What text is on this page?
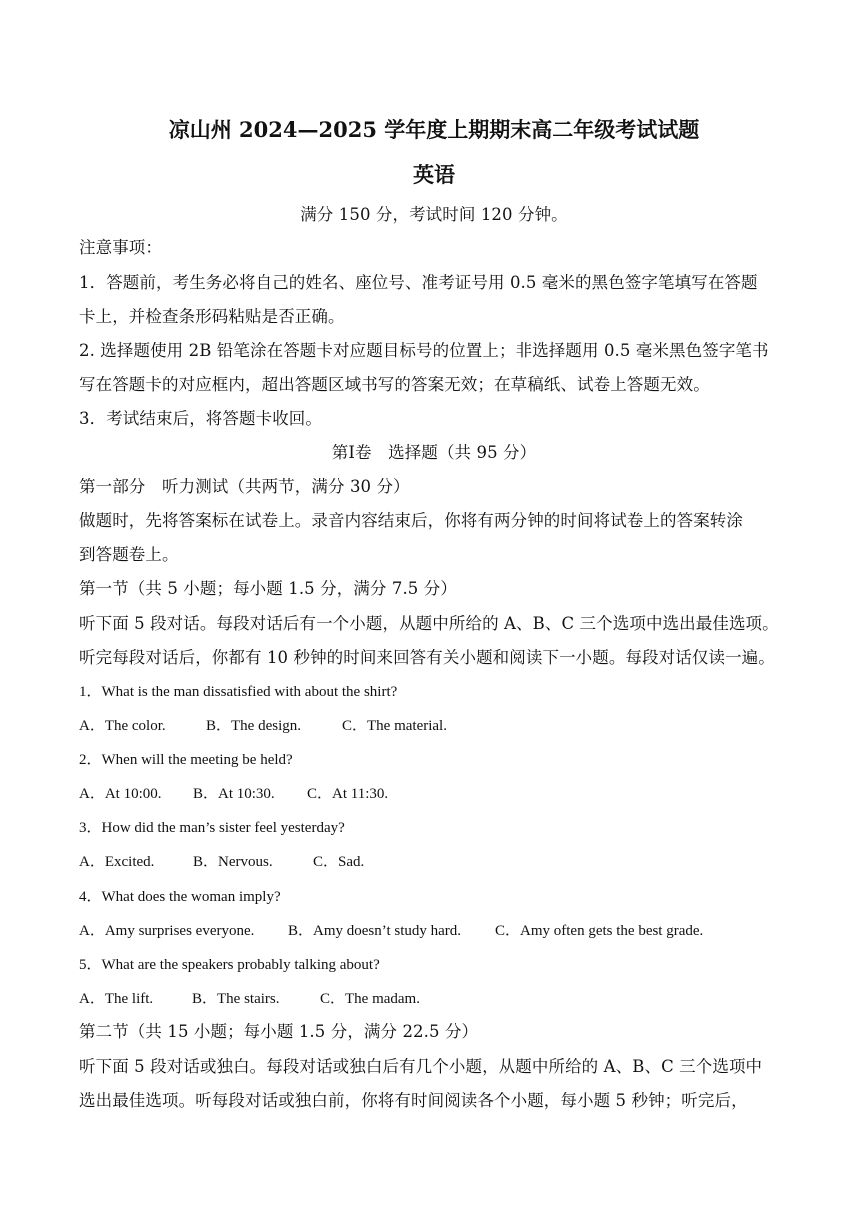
凉山州 2024—2025 学年度上期期末高二年级考试试题
英语
满分 150 分，考试时间 120 分钟。
注意事项：
1．答题前，考生务必将自己的姓名、座位号、准考证号用 0.5 毫米的黑色签字笔填写在答题
卡上，并检查条形码粘贴是否正确。
2. 选择题使用 2B 铅笔涂在答题卡对应题目标号的位置上；非选择题用 0.5 毫米黑色签字笔书
写在答题卡的对应框内，超出答题区域书写的答案无效；在草稿纸、试卷上答题无效。
3．考试结束后，将答题卡收回。
第Ⅰ卷　选择题（共 95 分）
第一部分　听力测试（共两节，满分 30 分）
做题时，先将答案标在试卷上。录音内容结束后，你将有两分钟的时间将试卷上的答案转涂
到答题卷上。
第一节（共 5 小题；每小题 1.5 分，满分 7.5 分）
听下面 5 段对话。每段对话后有一个小题，从题中所给的 A、B、C 三个选项中选出最佳选项。
听完每段对话后，你都有 10 秒钟的时间来回答有关小题和阅读下一小题。每段对话仅读一遍。
1．What is the man dissatisfied with about the shirt?
A．The color.	B．The design.	C．The material.
2．When will the meeting be held?
A．At 10:00. B．At 10:30. C．At 11:30.
3．How did the man’s sister feel yesterday?
A．Excited.	B．Nervous.	C．Sad.
4．What does the woman imply?
A．Amy surprises everyone. B．Amy doesn’t study hard. C．Amy often gets the best grade.
5．What are the speakers probably talking about?
A．The lift.	B．The stairs.	C．The madam.
第二节（共 15 小题；每小题 1.5 分，满分 22.5 分）
听下面 5 段对话或独白。每段对话或独白后有几个小题，从题中所给的 A、B、C 三个选项中
选出最佳选项。听每段对话或独白前，你将有时间阅读各个小题，每小题 5 秒钟；听完后，
